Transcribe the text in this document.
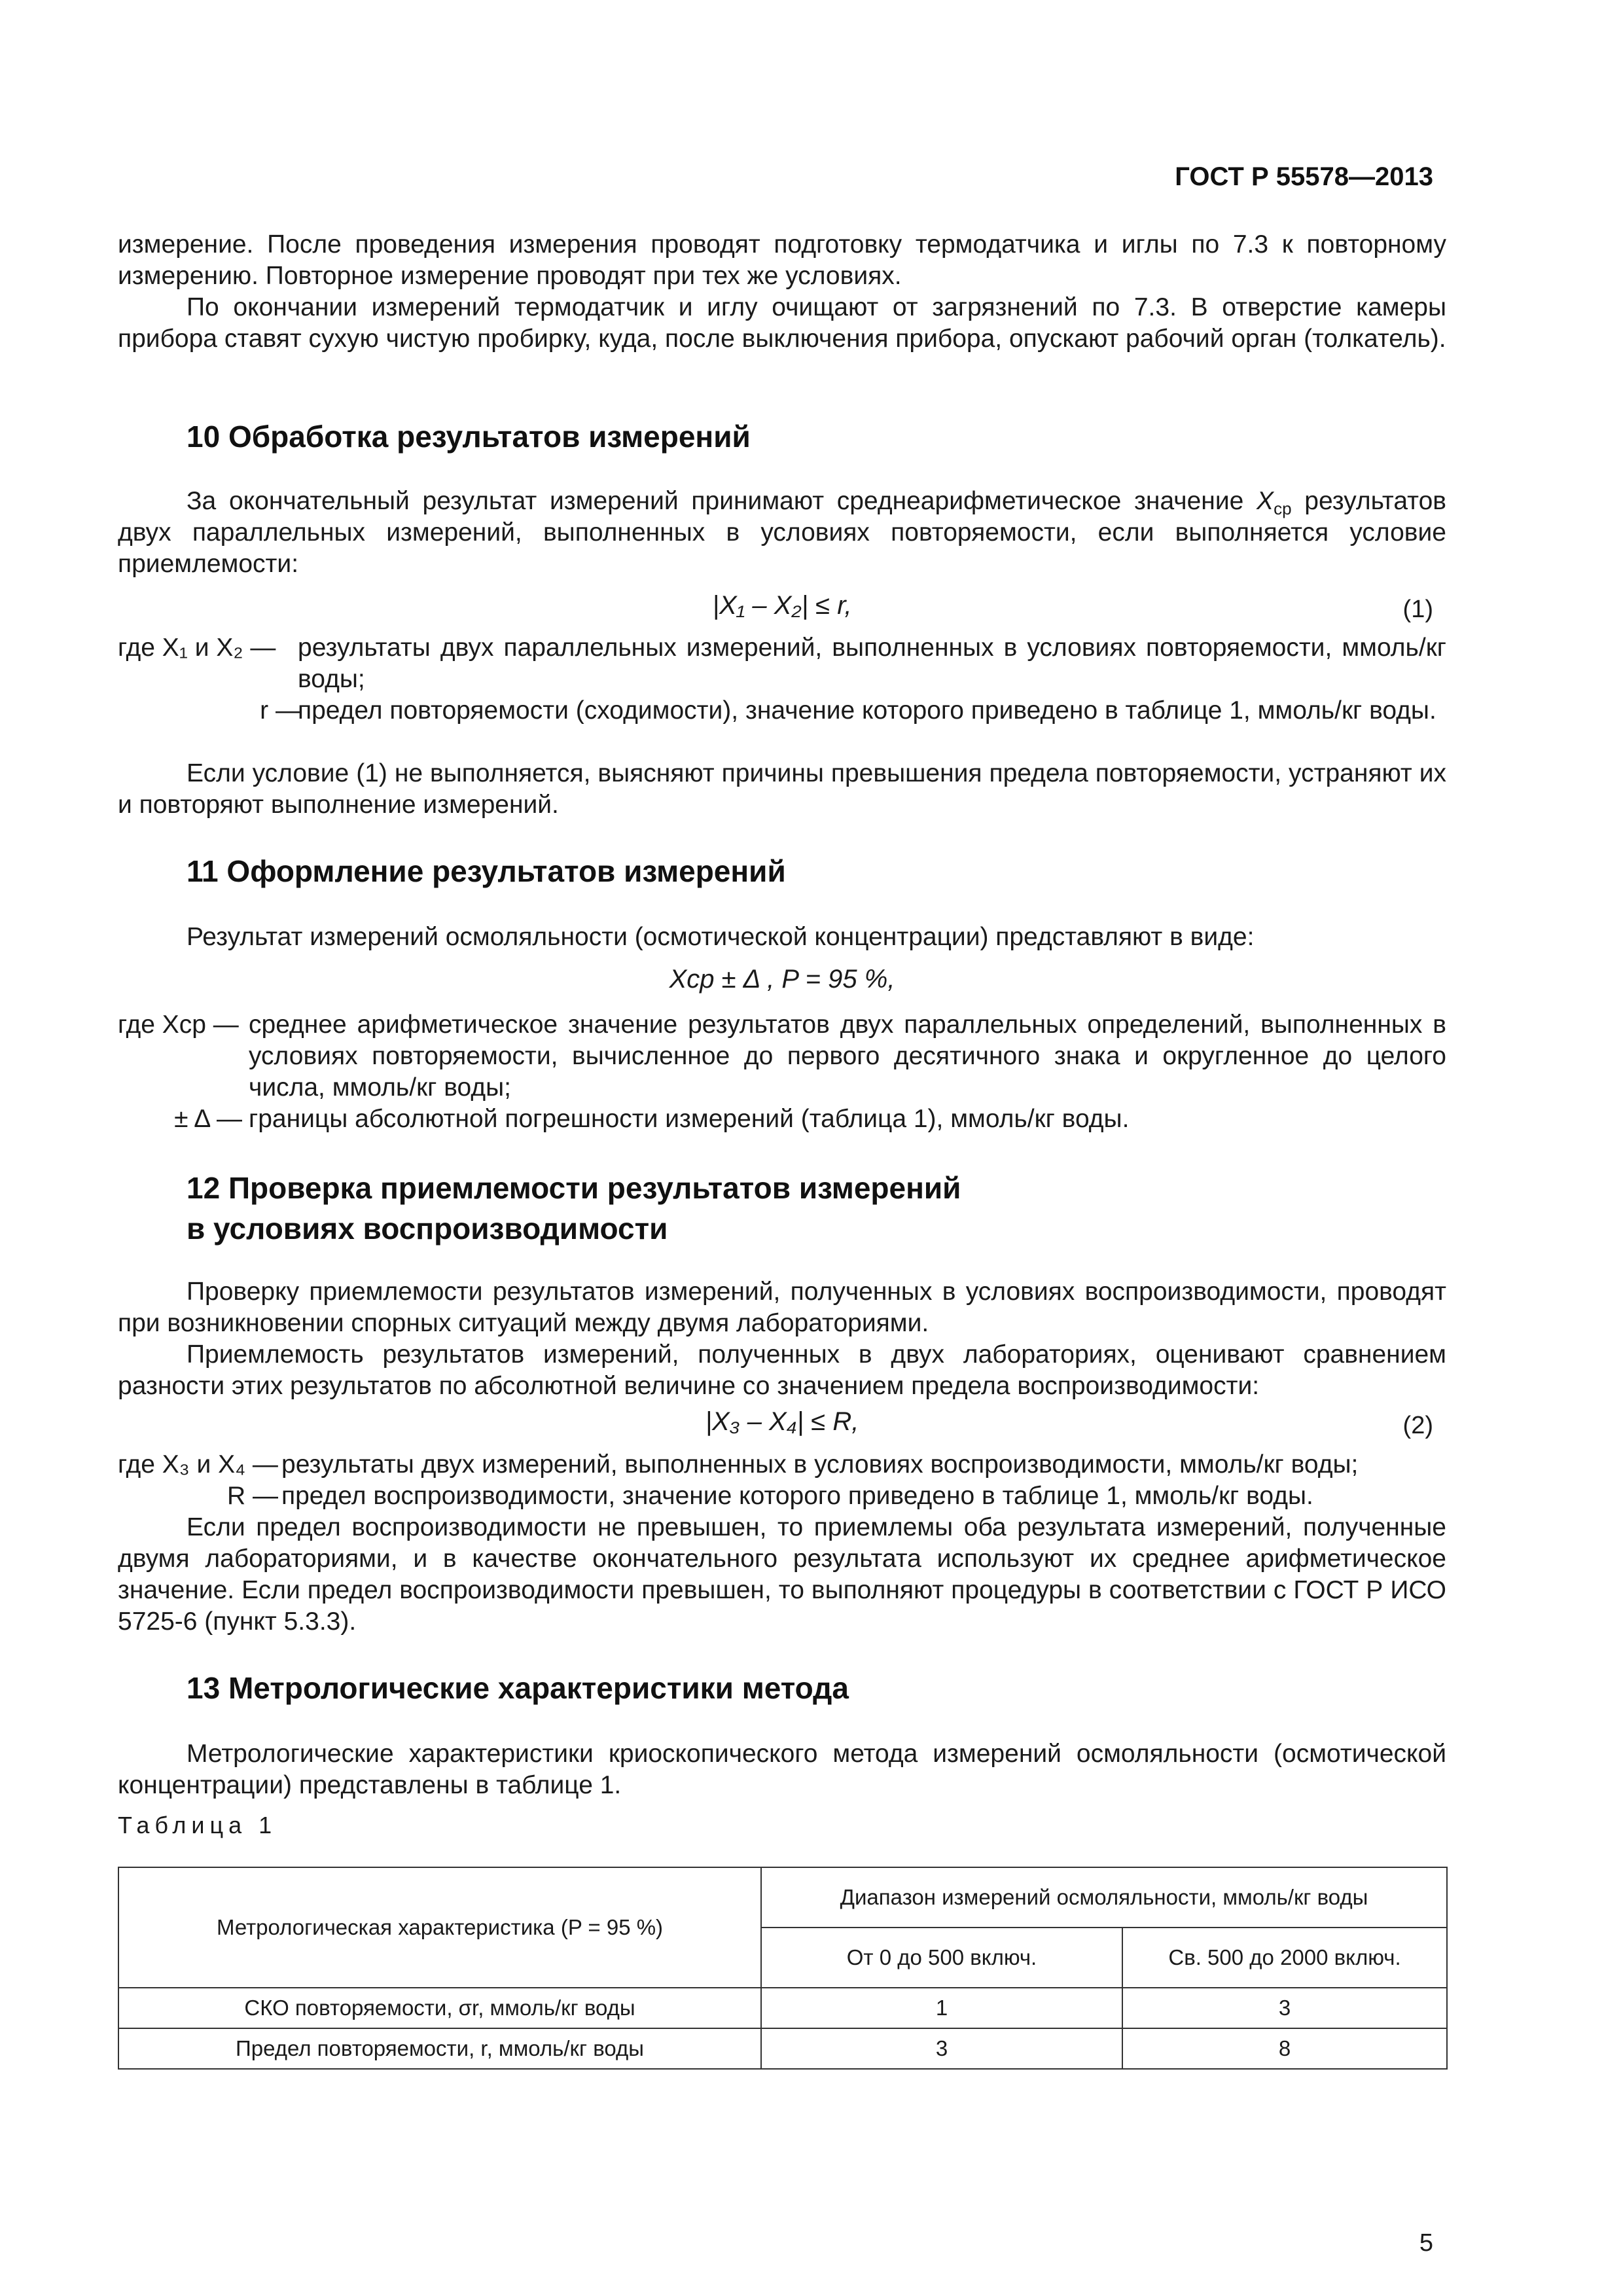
ГОСТ Р 55578—2013

измерение. После проведения измерения проводят подготовку термодатчика и иглы по 7.3 к повторному измерению. Повторное измерение проводят при тех же условиях.

По окончании измерений термодатчик и иглу очищают от загрязнений по 7.3. В отверстие камеры прибора ставят сухую чистую пробирку, куда, после выключения прибора, опускают рабочий орган (толкатель).

10 Обработка результатов измерений

За окончательный результат измерений принимают среднеарифметическое значение $X_{ср}$ результатов двух параллельных измерений, выполненных в условиях повторяемости, если выполняется условие приемлемости:

|X₁ – X₂| ≤ r,	(1)
где X₁ и X₂ — результаты двух параллельных измерений, выполненных в условиях повторяемости, ммоль/кг воды;
r —
предел повторяемости (сходимости), значение которого приведено в таблице 1, ммоль/кг воды.

Если условие (1) не выполняется, выясняют причины превышения предела повторяемости, устраняют их и повторяют выполнение измерений.

11 Оформление результатов измерений

Результат измерений осмоляльности (осмотической концентрации) представляют в виде:

Xср ± Δ , P = 95 %,
где Xср — среднее арифметическое значение результатов двух параллельных определений, выполненных в условиях повторяемости, вычисленное до первого десятичного знака и округленное до целого числа, ммоль/кг воды;
± Δ — границы абсолютной погрешности измерений (таблица 1), ммоль/кг воды.
12 Проверка приемлемости результатов измерений
в условиях воспроизводимости

Проверку приемлемости результатов измерений, полученных в условиях воспроизводимости, проводят при возникновении спорных ситуаций между двумя лабораториями.

Приемлемость результатов измерений, полученных в двух лабораториях, оценивают сравнением разности этих результатов по абсолютной величине со значением предела воспроизводимости:

|X₃ – X₄| ≤ R,	(2)
где X₃ и X₄ — результаты двух измерений, выполненных в условиях воспроизводимости, ммоль/кг воды;
R — предел воспроизводимости, значение которого приведено в таблице 1, ммоль/кг воды.

Если предел воспроизводимости не превышен, то приемлемы оба результата измерений, полученные двумя лабораториями, и в качестве окончательного результата используют их среднее арифметическое значение. Если предел воспроизводимости превышен, то выполняют процедуры в соответствии с ГОСТ Р ИСО 5725-6 (пункт 5.3.3).

13 Метрологические характеристики метода

Метрологические характеристики криоскопического метода измерений осмоляльности (осмотической концентрации) представлены в таблице 1.

Таблица 1
Метрологическая характеристика (P = 95 %)	Диапазон измерений осмоляльности, ммоль/кг воды	
	От 0 до 500 включ.	Св. 500 до 2000 включ.
СКО повторяемости, σr, ммоль/кг воды	1	3
Предел повторяемости, r, ммоль/кг воды	3	8
5
